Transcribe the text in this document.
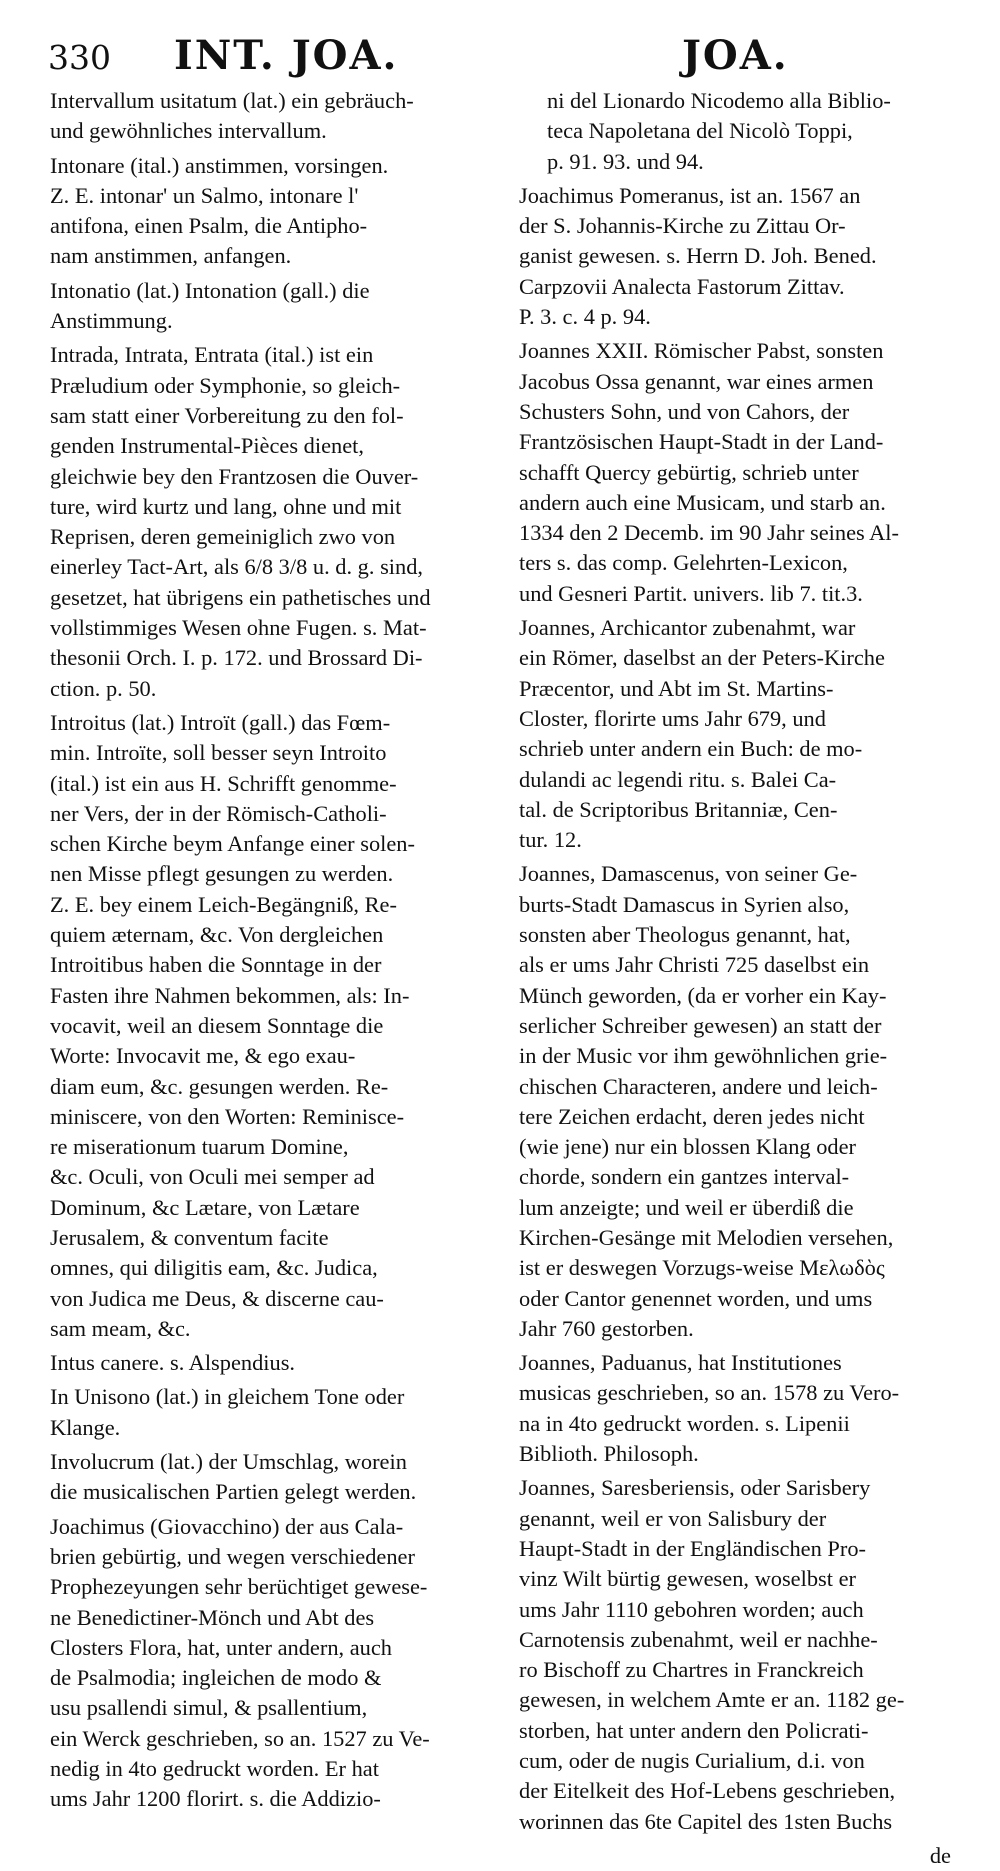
330 INT. JOA.	JOA.
Intervallum usitatum (lat.) ein gebräuch-
und gewöhnliches intervallum.
Intonare (ital.) anstimmen, vorsingen.
Z. E. intonar' un Salmo, intonare l'
antifona, einen Psalm, die Antipho-
nam anstimmen, anfangen.
Intonatio (lat.) Intonation (gall.) die
Anstimmung.
Intrada, Intrata, Entrata (ital.) ist ein
Præludium oder Symphonie, so gleich-
sam statt einer Vorbereitung zu den fol-
genden Instrumental-Pièces dienet,
gleichwie bey den Frantzosen die Ouver-
ture, wird kurtz und lang, ohne und mit
Reprisen, deren gemeiniglich zwo von
einerley Tact-Art, als 6/8 3/8 u. d. g. sind,
gesetzet, hat übrigens ein pathetisches und
vollstimmiges Wesen ohne Fugen. s. Mat-
thesonii Orch. I. p. 172. und Brossard Di-
ction. p. 50.
Introitus (lat.) Introït (gall.) das Fœm-
min. Introïte, soll besser seyn Introito
(ital.) ist ein aus H. Schrifft genomme-
ner Vers, der in der Römisch-Catholi-
schen Kirche beym Anfange einer solen-
nen Misse pflegt gesungen zu werden.
Z. E. bey einem Leich-Begängniß, Re-
quiem æternam, &c. Von dergleichen
Introitibus haben die Sonntage in der
Fasten ihre Nahmen bekommen, als: In-
vocavit, weil an diesem Sonntage die
Worte: Invocavit me, & ego exau-
diam eum, &c. gesungen werden. Re-
miniscere, von den Worten: Reminisce-
re miserationum tuarum Domine,
&c. Oculi, von Oculi mei semper ad
Dominum, &c Lætare, von Lætare
Jerusalem, & conventum facite
omnes, qui diligitis eam, &c. Judica,
von Judica me Deus, & discerne cau-
sam meam, &c.
Intus canere. s. Alspendius.
In Unisono (lat.) in gleichem Tone oder
Klange.
Involucrum (lat.) der Umschlag, worein
die musicalischen Partien gelegt werden.
Joachimus (Giovacchino) der aus Cala-
brien gebürtig, und wegen verschiedener
Prophezeyungen sehr berüchtiget gewese-
ne Benedictiner-Mönch und Abt des
Closters Flora, hat, unter andern, auch
de Psalmodia; ingleichen de modo &
usu psallendi simul, & psallentium,
ein Werck geschrieben, so an. 1527 zu Ve-
nedig in 4to gedruckt worden. Er hat
ums Jahr 1200 florirt. s. die Addizio-
ni del Lionardo Nicodemo alla Biblio-
teca Napoletana del Nicolò Toppi,
p. 91. 93. und 94.
Joachimus Pomeranus, ist an. 1567 an
der S. Johannis-Kirche zu Zittau Or-
ganist gewesen. s. Herrn D. Joh. Bened.
Carpzovii Analecta Fastorum Zittav.
P. 3. c. 4 p. 94.
Joannes XXII. Römischer Pabst, sonsten
Jacobus Ossa genannt, war eines armen
Schusters Sohn, und von Cahors, der
Frantzösischen Haupt-Stadt in der Land-
schafft Quercy gebürtig, schrieb unter
andern auch eine Musicam, und starb an.
1334 den 2 Decemb. im 90 Jahr seines Al-
ters s. das comp. Gelehrten-Lexicon,
und Gesneri Partit. univers. lib 7. tit.3.
Joannes, Archicantor zubenahmt, war
ein Römer, daselbst an der Peters-Kirche
Præcentor, und Abt im St. Martins-
Closter, florirte ums Jahr 679, und
schrieb unter andern ein Buch: de mo-
dulandi ac legendi ritu. s. Balei Ca-
tal. de Scriptoribus Britanniæ, Cen-
tur. 12.
Joannes, Damascenus, von seiner Ge-
burts-Stadt Damascus in Syrien also,
sonsten aber Theologus genannt, hat,
als er ums Jahr Christi 725 daselbst ein
Münch geworden, (da er vorher ein Kay-
serlicher Schreiber gewesen) an statt der
in der Music vor ihm gewöhnlichen grie-
chischen Characteren, andere und leich-
tere Zeichen erdacht, deren jedes nicht
(wie jene) nur ein blossen Klang oder
chorde, sondern ein gantzes interval-
lum anzeigte; und weil er überdiß die
Kirchen-Gesänge mit Melodien versehen,
ist er deswegen Vorzugs-weise Μελωδὸς
oder Cantor genennet worden, und ums
Jahr 760 gestorben.
Joannes, Paduanus, hat Institutiones
musicas geschrieben, so an. 1578 zu Vero-
na in 4to gedruckt worden. s. Lipenii
Biblioth. Philosoph.
Joannes, Saresberiensis, oder Sarisbery
genannt, weil er von Salisbury der
Haupt-Stadt in der Engländischen Pro-
vinz Wilt bürtig gewesen, woselbst er
ums Jahr 1110 gebohren worden; auch
Carnotensis zubenahmt, weil er nachhe-
ro Bischoff zu Chartres in Franckreich
gewesen, in welchem Amte er an. 1182 ge-
storben, hat unter andern den Policrati-
cum, oder de nugis Curialium, d.i. von
der Eitelkeit des Hof-Lebens geschrieben,
worinnen das 6te Capitel des 1sten Buchs
de
